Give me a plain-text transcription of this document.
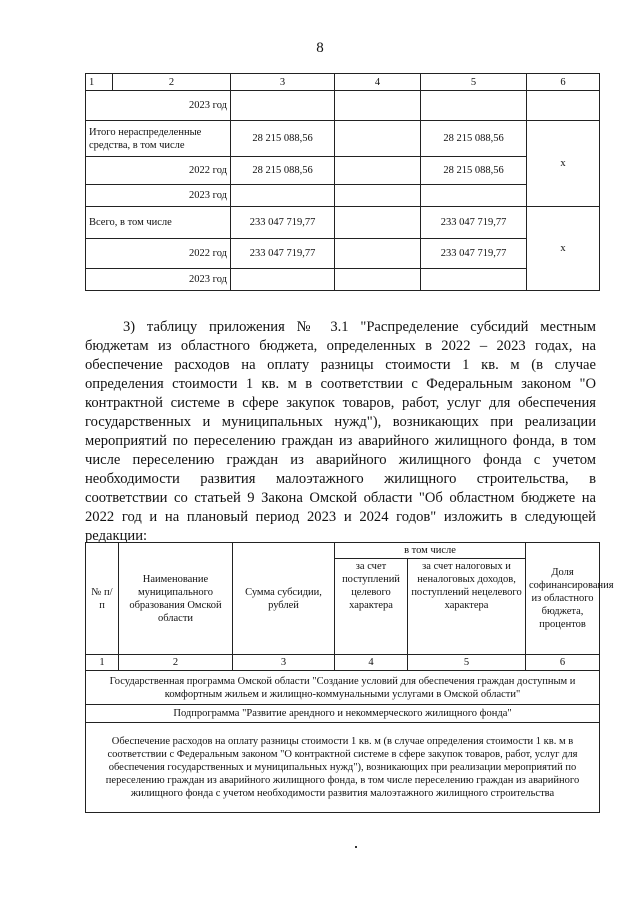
8
1	2	3	4	5	6
2023 год					
Итого нераспределенные средства, в том числе		28 215 088,56		28 215 088,56	x
2022 год		28 215 088,56		28 215 088,56	
2023 год					
Всего, в том числе		233 047 719,77		233 047 719,77	x
2022 год		233 047 719,77		233 047 719,77	
2023 год					

3) таблицу приложения № 3.1 "Распределение субсидий местным бюджетам из областного бюджета, определенных в 2022 – 2023 годах, на обеспечение расходов на оплату разницы стоимости 1 кв. м (в случае определения стоимости 1 кв. м в соответствии с Федеральным законом "О контрактной системе в сфере закупок товаров, работ, услуг для обеспечения государственных и муниципальных нужд"), возникающих при реализации мероприятий по переселению граждан из аварийного жилищного фонда, в том числе переселению граждан из аварийного жилищного фонда с учетом необходимости развития малоэтажного жилищного строительства, в соответствии со статьей 9 Закона Омской области "Об областном бюджете на 2022 год и на плановый период 2023 и 2024 годов" изложить в следующей редакции:

№ п/п	Наименование муниципального образования Омской области	Сумма субсидии, рублей	в том числе		Доля софинансирования из областного бюджета, процентов
			за счет поступлений целевого характера	за счет налоговых и неналоговых доходов, поступлений нецелевого характера	
1	2	3	4	5	6
Государственная программа Омской области "Создание условий для обеспечения граждан доступным и комфортным жильем и жилищно-коммунальными услугами в Омской области"					
Подпрограмма "Развитие арендного и некоммерческого жилищного фонда"					
Обеспечение расходов на оплату разницы стоимости 1 кв. м (в случае определения стоимости 1 кв. м в соответствии с Федеральным законом "О контрактной системе в сфере закупок товаров, работ, услуг для обеспечения государственных и муниципальных нужд"), возникающих при реализации мероприятий по переселению граждан из аварийного жилищного фонда, в том числе переселению граждан из аварийного жилищного фонда с учетом необходимости развития малоэтажного жилищного строительства					
